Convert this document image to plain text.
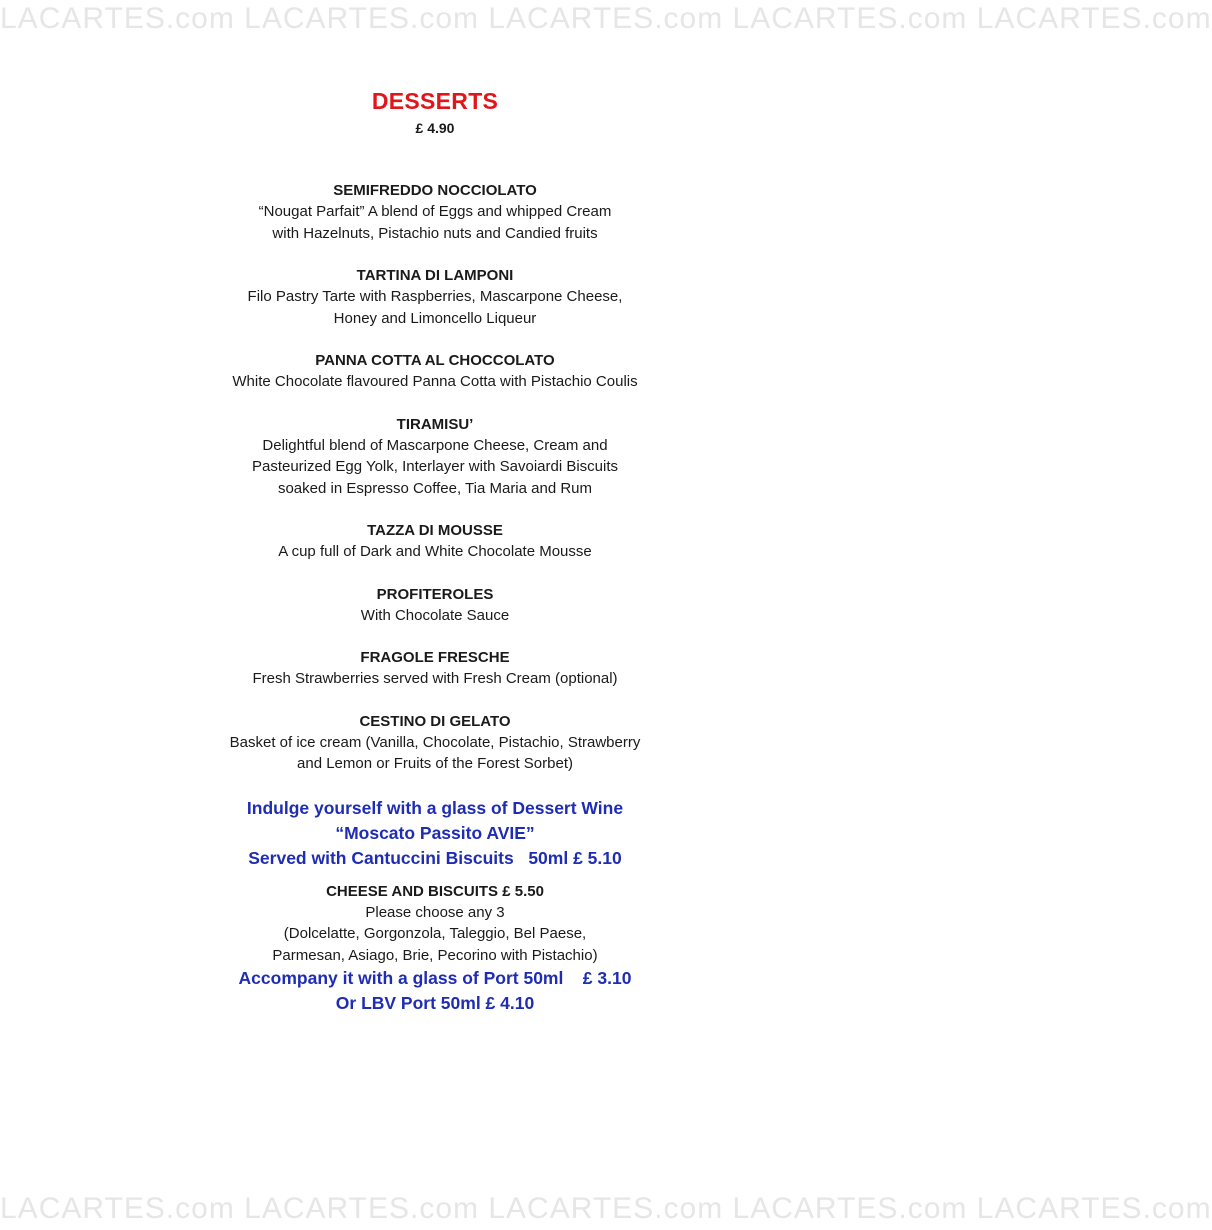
LACARTES.com LACARTES.com LACARTES.com LACARTES.com LACARTES.com
DESSERTS
£ 4.90
SEMIFREDDO NOCCIOLATO
“Nougat Parfait” A blend of Eggs and whipped Cream
with Hazelnuts, Pistachio nuts and Candied fruits
TARTINA DI LAMPONI
Filo Pastry Tarte with Raspberries, Mascarpone Cheese,
Honey and Limoncello Liqueur
PANNA COTTA AL CHOCCOLATO
White Chocolate flavoured Panna Cotta with Pistachio Coulis
TIRAMISU’
Delightful blend of Mascarpone Cheese, Cream and
Pasteurized Egg Yolk, Interlayer with Savoiardi Biscuits
soaked in Espresso Coffee, Tia Maria and Rum
TAZZA DI MOUSSE
A cup full of Dark and White Chocolate Mousse
PROFITEROLES
With Chocolate Sauce
FRAGOLE FRESCHE
Fresh Strawberries served with Fresh Cream (optional)
CESTINO DI GELATO
Basket of ice cream (Vanilla, Chocolate, Pistachio, Strawberry
and Lemon or Fruits of the Forest Sorbet)
Indulge yourself with a glass of Dessert Wine
“Moscato Passito AVIE”
Served with Cantuccini Biscuits   50ml £ 5.10
CHEESE AND BISCUITS £ 5.50
Please choose any 3
(Dolcelatte, Gorgonzola, Taleggio, Bel Paese,
Parmesan, Asiago, Brie, Pecorino with Pistachio)
Accompany it with a glass of Port 50ml    £ 3.10
Or LBV Port 50ml £ 4.10
LACARTES.com LACARTES.com LACARTES.com LACARTES.com LACARTES.com
